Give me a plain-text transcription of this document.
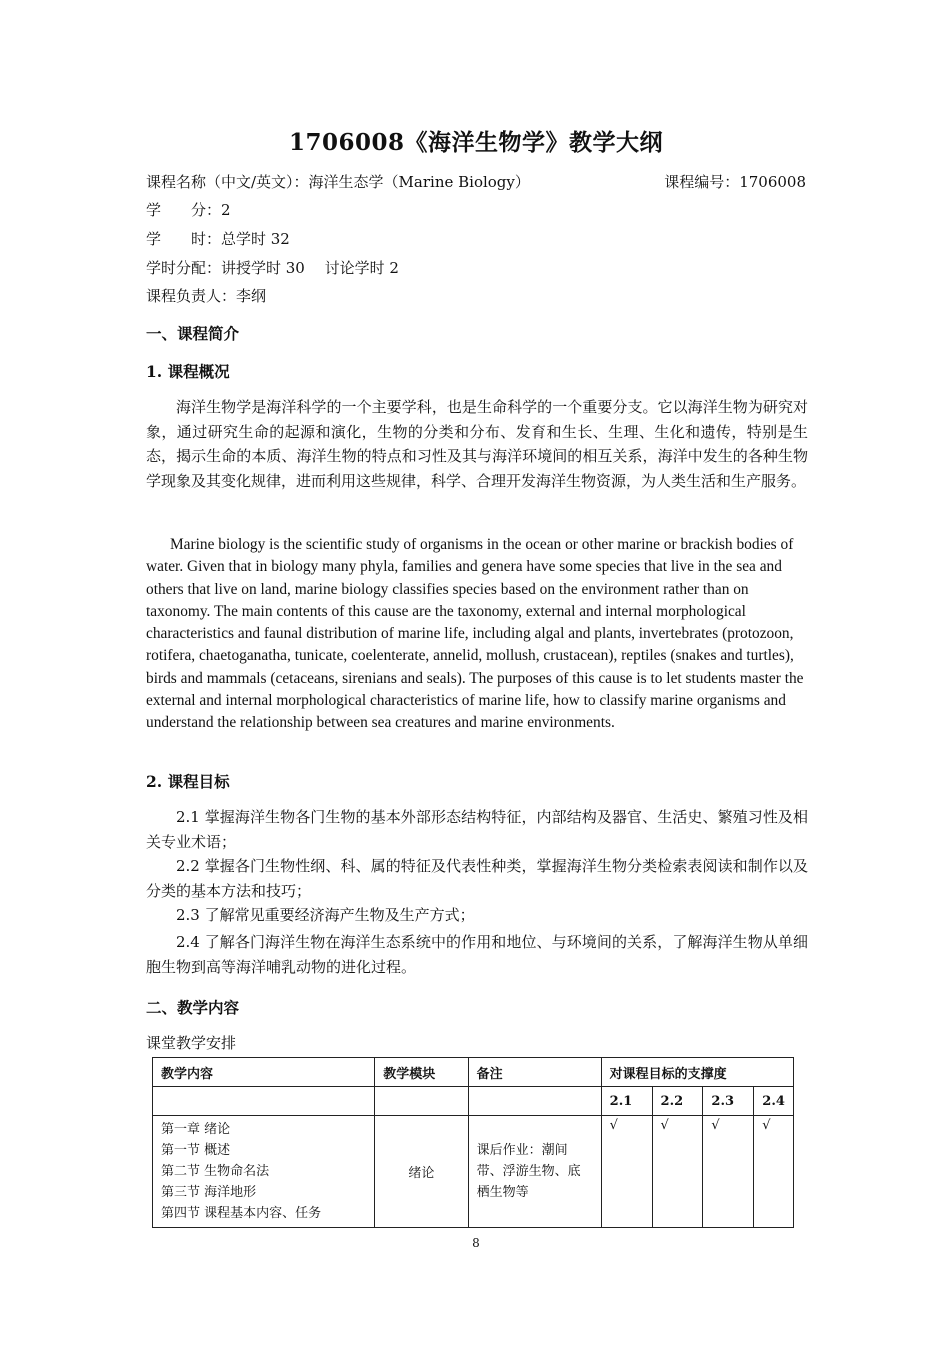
1706008《海洋生物学》教学大纲
课程名称（中文/英文）：海洋生态学（Marine Biology）	课程编号：1706008
学　　分：2
学　　时：总学时 32
学时分配：讲授学时 30　 讨论学时 2
课程负责人：李纲
一、课程简介
1. 课程概况
海洋生物学是海洋科学的一个主要学科，也是生命科学的一个重要分支。它以海洋生物为研究对象，通过研究生命的起源和演化，生物的分类和分布、发育和生长、生理、生化和遗传，特别是生态，揭示生命的本质、海洋生物的特点和习性及其与海洋环境间的相互关系，海洋中发生的各种生物学现象及其变化规律，进而利用这些规律，科学、合理开发海洋生物资源，为人类生活和生产服务。
Marine biology is the scientific study of organisms in the ocean or other marine or brackish bodies of water. Given that in biology many phyla, families and genera have some species that live in the sea and others that live on land, marine biology classifies species based on the environment rather than on taxonomy. The main contents of this cause are the taxonomy, external and internal morphological characteristics and faunal distribution of marine life, including algal and plants, invertebrates (protozoon, rotifera, chaetoganatha, tunicate, coelenterate, annelid, mollush, crustacean), reptiles (snakes and turtles), birds and mammals (cetaceans, sirenians and seals). The purposes of this cause is to let students master the external and internal morphological characteristics of marine life, how to classify marine organisms and understand the relationship between sea creatures and marine environments.
2. 课程目标
2.1 掌握海洋生物各门生物的基本外部形态结构特征，内部结构及器官、生活史、繁殖习性及相关专业术语；
2.2 掌握各门生物性纲、科、属的特征及代表性种类，掌握海洋生物分类检索表阅读和制作以及分类的基本方法和技巧；
2.3 了解常见重要经济海产生物及生产方式；
2.4 了解各门海洋生物在海洋生态系统中的作用和地位、与环境间的关系，了解海洋生物从单细胞生物到高等海洋哺乳动物的进化过程。
二、教学内容
课堂教学安排
教学内容	教学模块	备注	对课程目标的支撑度			
			2.1	2.2	2.3	2.4

第一章 绪论
第一节 概述
第二节 生物命名法
第三节 海洋地形
第四节 课程基本内容、任务	绪论	课后作业：潮间带、浮游生物、底栖生物等	√	√	√	√
8
